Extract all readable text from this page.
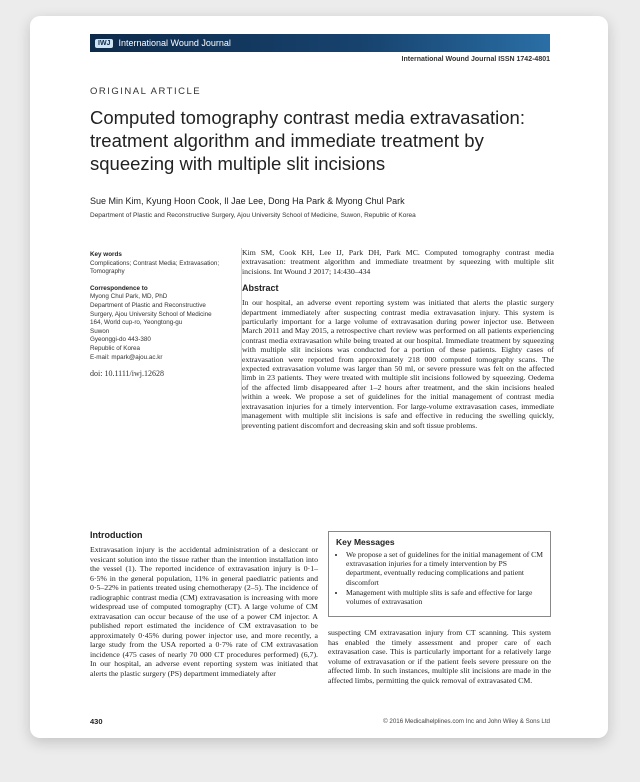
IWJ International Wound Journal
International Wound Journal ISSN 1742-4801
ORIGINAL ARTICLE
Computed tomography contrast media extravasation: treatment algorithm and immediate treatment by squeezing with multiple slit incisions
Sue Min Kim, Kyung Hoon Cook, Il Jae Lee, Dong Ha Park & Myong Chul Park
Department of Plastic and Reconstructive Surgery, Ajou University School of Medicine, Suwon, Republic of Korea
Key words
Complications; Contrast Media; Extravasation; Tomography
Correspondence to
Myong Chul Park, MD, PhD
Department of Plastic and Reconstructive
Surgery, Ajou University School of Medicine
164, World cup-ro, Yeongtong-gu
Suwon
Gyeonggi-do 443-380
Republic of Korea
E-mail: mpark@ajou.ac.kr
doi: 10.1111/iwj.12628
Kim SM, Cook KH, Lee IJ, Park DH, Park MC. Computed tomography contrast media extravasation: treatment algorithm and immediate treatment by squeezing with multiple slit incisions. Int Wound J 2017; 14:430–434
Abstract
In our hospital, an adverse event reporting system was initiated that alerts the plastic surgery department immediately after suspecting contrast media extravasation injury. This system is particularly important for a large volume of extravasation during power injector use. Between March 2011 and May 2015, a retrospective chart review was performed on all patients experiencing contrast media extravasation while being treated at our hospital. Immediate treatment by squeezing with multiple slit incisions was conducted for a portion of these patients. Eighty cases of extravasation were reported from approximately 218 000 computed tomography scans. The expected extravasation volume was larger than 50 ml, or severe pressure was felt on the affected limb in 23 patients. They were treated with multiple slit incisions followed by squeezing. Oedema of the affected limb disappeared after 1–2 hours after treatment, and the skin incisions healed within a week. We propose a set of guidelines for the initial management of contrast media extravasation injuries for a timely intervention. For large-volume extravasation cases, immediate management with multiple slit incisions is safe and effective in reducing the swelling quickly, preventing patient discomfort and decreasing skin and soft tissue problems.
Introduction
Extravasation injury is the accidental administration of a desiccant or vesicant solution into the tissue rather than the intention installation into the vessel (1). The reported incidence of extravasation injury is 0·1–6·5% in the general population, 11% in general paediatric patients and 0·5–22% in patients treated using chemotherapy (2–5). The incidence of radiographic contrast media (CM) extravasation is increasing with more widespread use of computed tomography (CT). A large volume of CM extravasation can occur because of the use of a power CM injector. A published report estimated the incidence of CM extravasation to be approximately 0·45% during power injector use, and more recently, a large study from the USA reported a 0·7% rate of CM extravasation incidence (475 cases of nearly 70 000 CT procedures performed) (6,7). In our hospital, an adverse event reporting system was initiated that alerts the plastic surgery (PS) department immediately after
Key Messages
• We propose a set of guidelines for the initial management of CM extravasation injuries for a timely intervention by PS department, eventually reducing complications and patient discomfort
• Management with multiple slits is safe and effective for large volumes of extravasation
suspecting CM extravasation injury from CT scanning. This system has enabled the timely assessment and proper care of each extravasation case. This is particularly important for a relatively large volume of extravasation or if the patient feels severe pressure on the affected limb. In such instances, multiple slit incisions are made in the affected limbs, permitting the quick removal of extravasated CM.
430	© 2016 Medicalhelplines.com Inc and John Wiley & Sons Ltd
